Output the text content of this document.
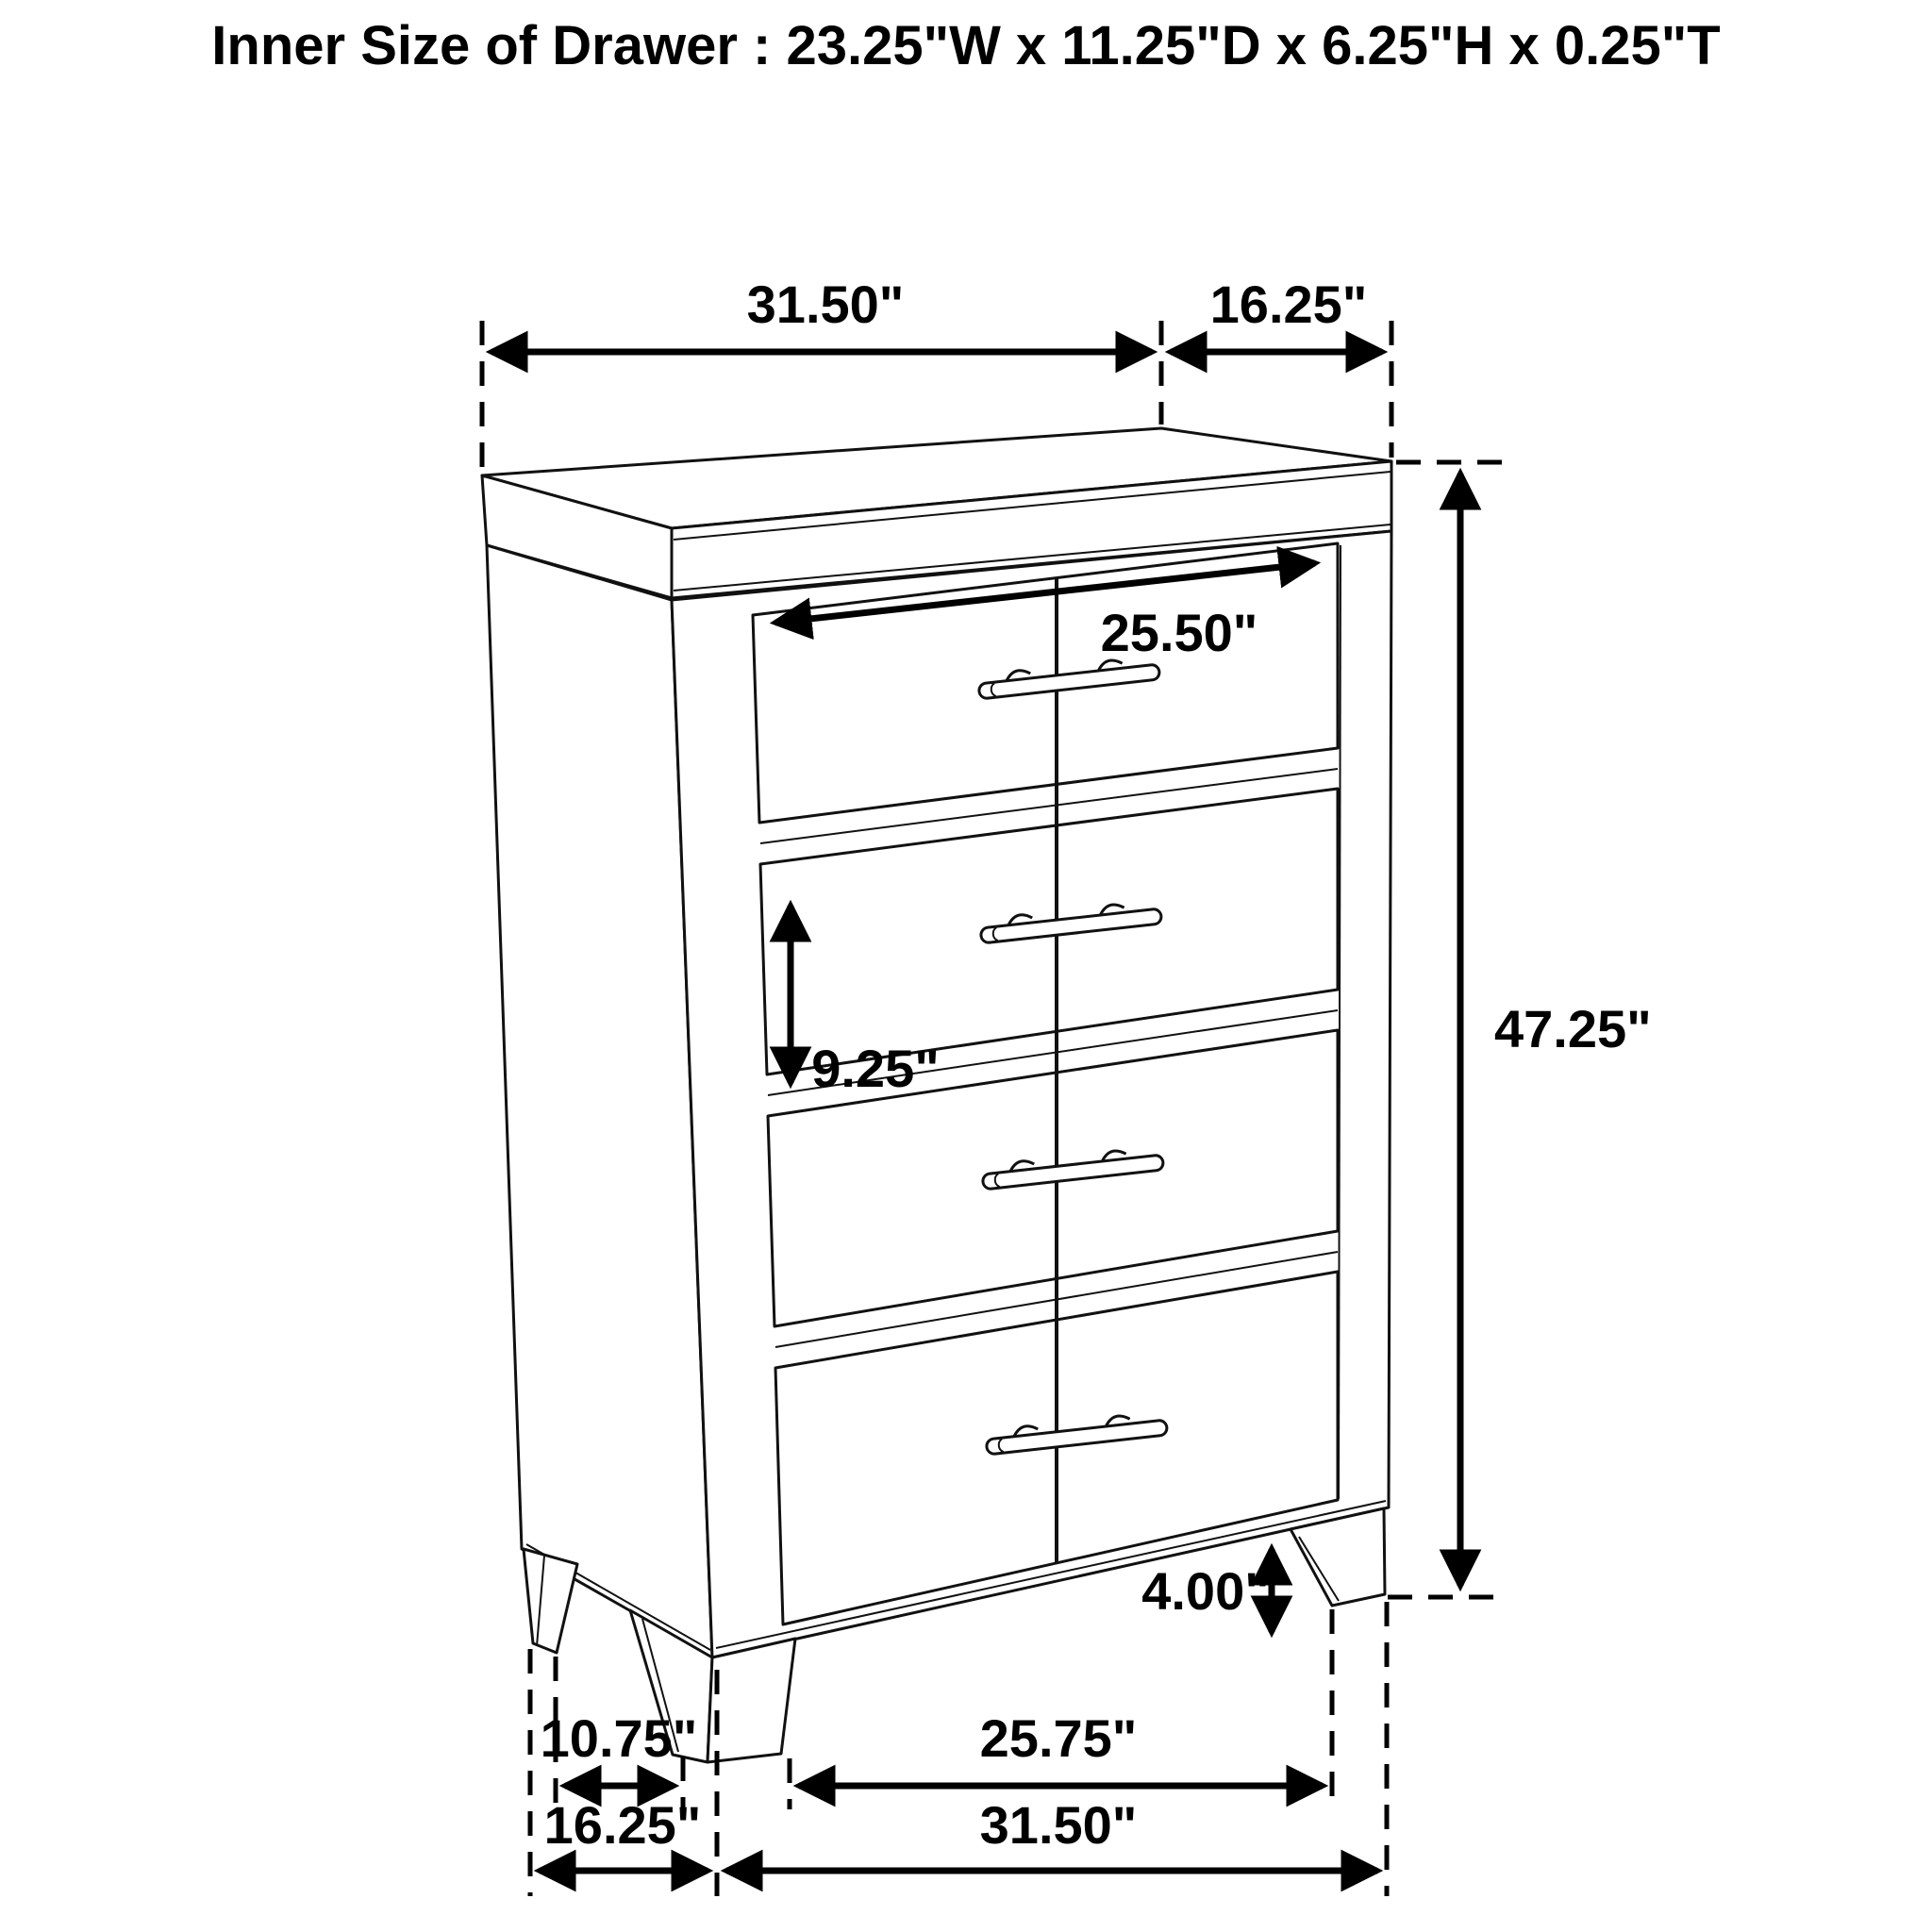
Inner Size of Drawer : 23.25"W x 11.25"D x 6.25"H x 0.25"T
31.50"	16.25"
47.25"
25.50"
9.25"
4.00"
10.75"	25.75"
16.25"	31.50"
